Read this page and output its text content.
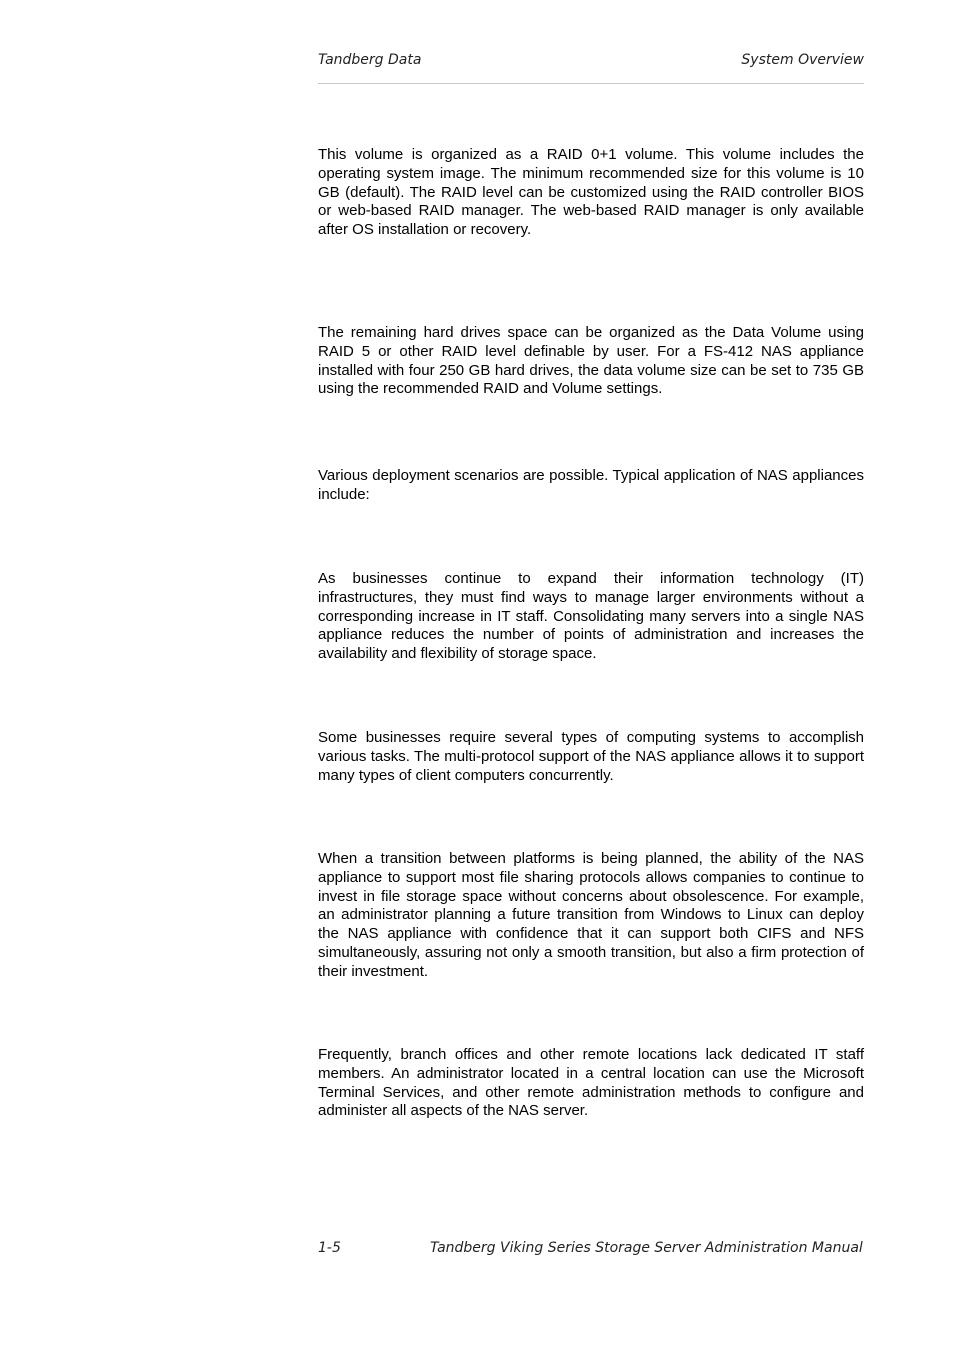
Tandberg Data	System Overview

This volume is organized as a RAID 0+1 volume. This volume includes the operating system image. The minimum recommended size for this volume is 10 GB (default). The RAID level can be customized using the RAID controller BIOS or web-based RAID manager. The web-based RAID manager is only available after OS installation or recovery.

The remaining hard drives space can be organized as the Data Volume using RAID 5 or other RAID level definable by user. For a FS-412 NAS appliance installed with four 250 GB hard drives, the data volume size can be set to 735 GB using the recommended RAID and Volume settings.

Various deployment scenarios are possible. Typical application of NAS appliances include:

As businesses continue to expand their information technology (IT) infrastructures, they must find ways to manage larger environments without a corresponding increase in IT staff. Consolidating many servers into a single NAS appliance reduces the number of points of administration and increases the availability and flexibility of storage space.

Some businesses require several types of computing systems to accomplish various tasks. The multi-protocol support of the NAS appliance allows it to support many types of client computers concurrently.

When a transition between platforms is being planned, the ability of the NAS appliance to support most file sharing protocols allows companies to continue to invest in file storage space without concerns about obsolescence. For example, an administrator planning a future transition from Windows to Linux can deploy the NAS appliance with confidence that it can support both CIFS and NFS simultaneously, assuring not only a smooth transition, but also a firm protection of their investment.

Frequently, branch offices and other remote locations lack dedicated IT staff members. An administrator located in a central location can use the Microsoft Terminal Services, and other remote administration methods to configure and administer all aspects of the NAS server.

1-5	Tandberg Viking Series Storage Server Administration Manual
